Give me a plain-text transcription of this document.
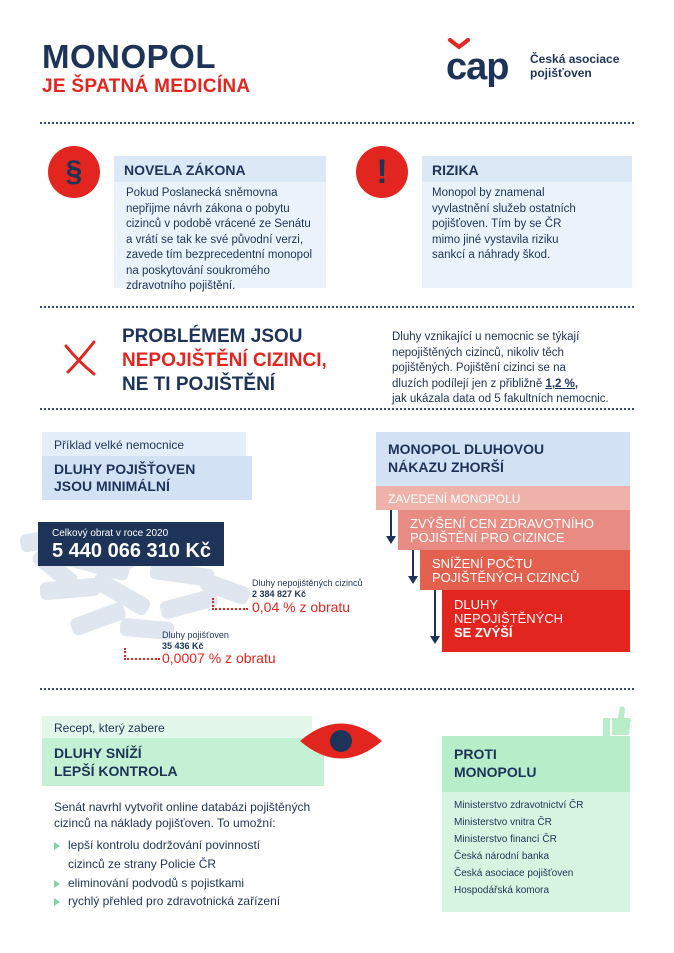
MONOPOL
JE ŠPATNÁ MEDICÍNA	cap Česká asociace
pojišťoven
§	NOVELA ZÁKONA
Pokud Poslanecká sněmovna
nepřijme návrh zákona o pobytu
cizinců v podobě vrácené ze Senátu
a vrátí se tak ke své původní verzi,
zavede tím bezprecedentní monopol
na poskytování soukromého
zdravotního pojištění.
!	RIZIKA
Monopol by znamenal
vyvlastnění služeb ostatních
pojišťoven. Tím by se ČR
mimo jiné vystavila riziku
sankcí a náhrady škod.
PROBLÉMEM JSOU
NEPOJIŠTĚNÍ CIZINCI,
NE TI POJIŠTĚNÍ
Dluhy vznikající u nemocnic se týkají
nepojištěných cizinců, nikoliv těch
pojištěných. Pojištění cizinci se na
dluzích podílejí jen z přibližně 1,2 %,
jak ukázala data od 5 fakultních nemocnic.
Příklad velké nemocnice
DLUHY POJIŠŤOVEN
JSOU MINIMÁLNÍ
Celkový obrat v roce 2020
5 440 066 310 Kč
Dluhy nepojištěných cizinců
2 384 827 Kč
0,04 % z obratu
Dluhy pojišťoven
35 436 Kč
0,0007 % z obratu
MONOPOL DLUHOVOU
NÁKAZU ZHORŠÍ
ZAVEDENÍ MONOPOLU
ZVÝŠENÍ CEN ZDRAVOTNÍHO
POJIŠTĚNÍ PRO CIZINCE
SNÍŽENÍ POČTU
POJIŠTĚNÝCH CIZINCŮ
DLUHY
NEPOJIŠTĚNÝCH
SE ZVÝŠÍ
Recept, který zabere
DLUHY SNÍŽÍ
LEPŠÍ KONTROLA
Senát navrhl vytvořit online databázi pojištěných
cizinců na náklady pojišťoven. To umožní:
lepší kontrolu dodržování povinností
cizinců ze strany Policie ČR
eliminování podvodů s pojistkami
rychlý přehled pro zdravotnická zařízení
PROTI
MONOPOLU
Ministerstvo zdravotnictví ČR
Ministerstvo vnitra ČR
Ministerstvo financí ČR
Česká národní banka
Česká asociace pojišťoven
Hospodářská komora
